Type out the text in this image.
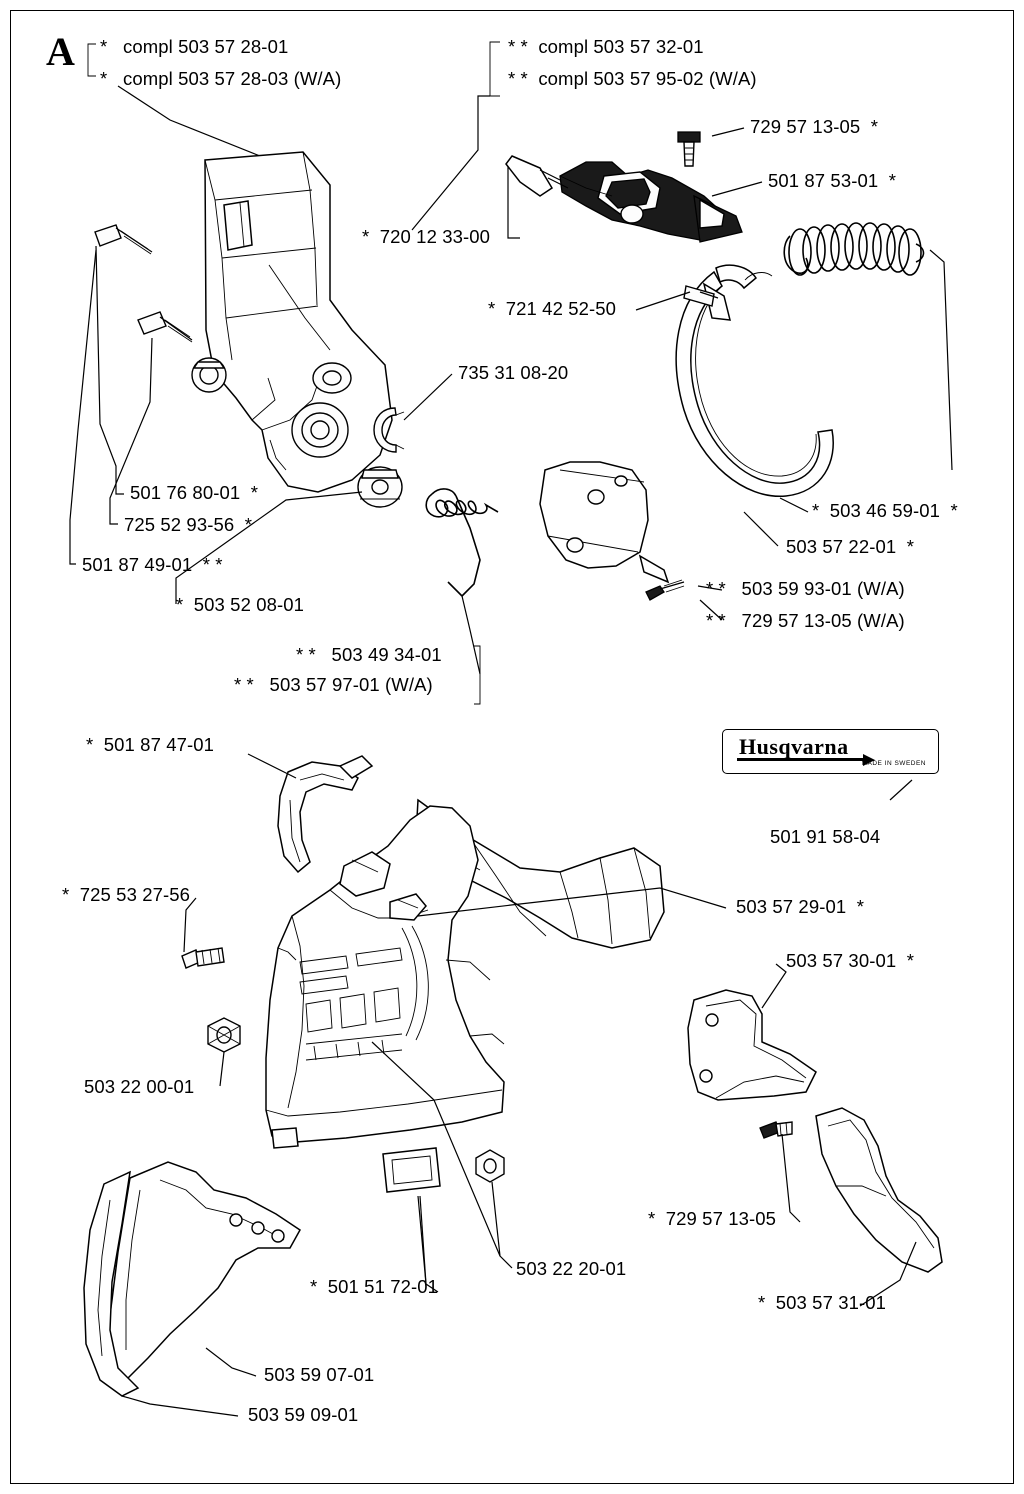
A *   compl 503 57 28-01
*   compl 503 57 28-03 (W/A)
* *  compl 503 57 32-01
* *  compl 503 57 95-02 (W/A)
729 57 13-05  *
501 87 53-01  *
*  720 12 33-00
*  721 42 52-50
735 31 08-20
501 76 80-01  *
725 52 93-56  *
501 87 49-01  * *
*  503 52 08-01
* *   503 49 34-01
* *   503 57 97-01 (W/A)
* *   503 59 93-01 (W/A)
* *   729 57 13-05 (W/A)
503 57 22-01  *
*  503 46 59-01  *
*  501 87 47-01
*  725 53 27-56
503 22 00-01
503 59 07-01
503 59 09-01
*  501 51 72-01
503 22 20-01
501 91 58-04
503 57 29-01  *
503 57 30-01  *
*  729 57 13-05
*  503 57 31-01
Husqvarna
MADE IN SWEDEN
